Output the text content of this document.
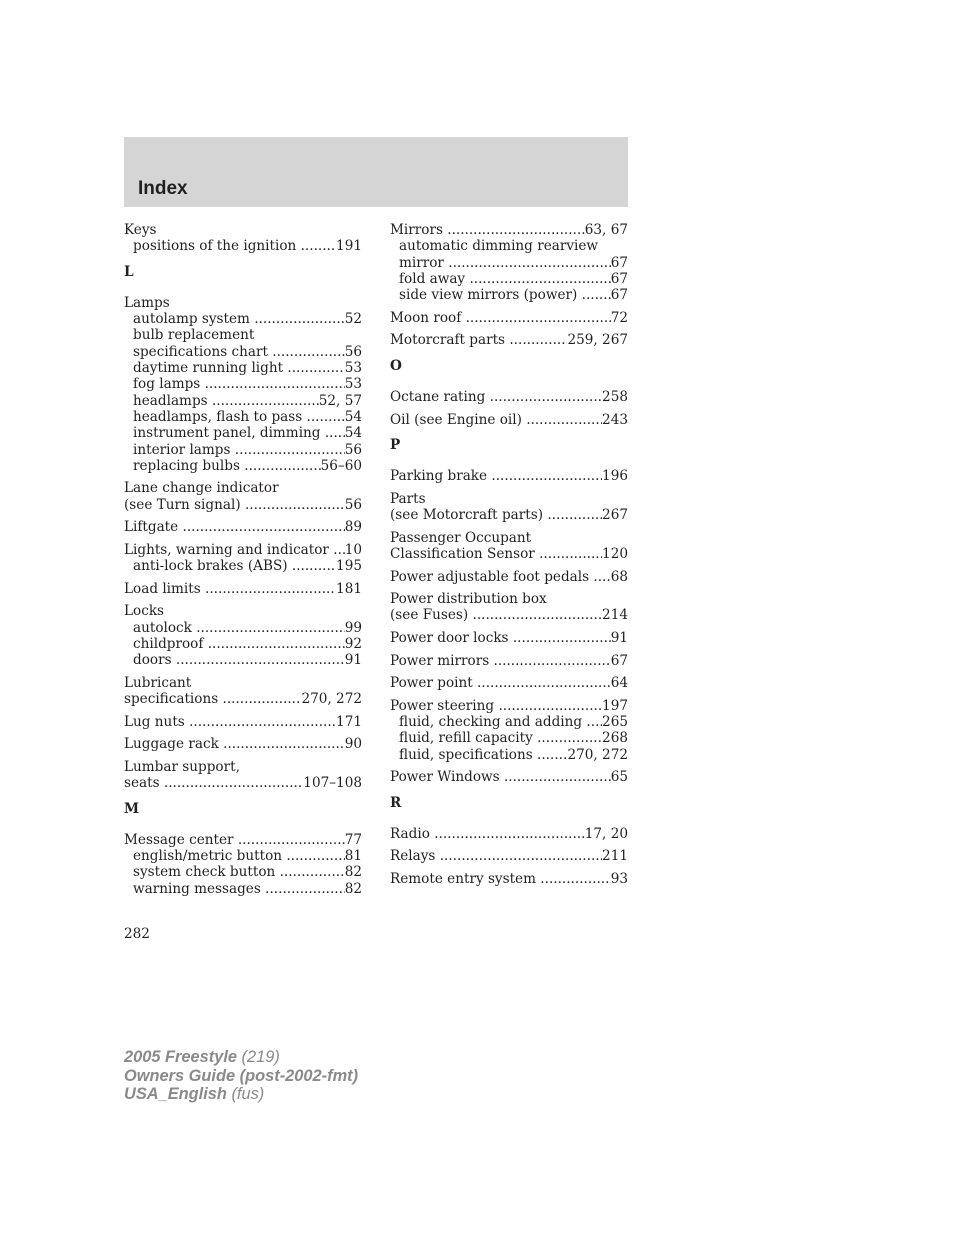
Index
Keys
positions of the ignition .....	191
L
Lamps
autolamp system .....	52
bulb replacement
specifications chart .....	56
daytime running light .....	53
fog lamps .....	53
headlamps .....	52, 57
headlamps, flash to pass .....	54
instrument panel, dimming ..... 54
interior lamps .....	56
replacing bulbs .....	56–60
Lane change indicator
(see Turn signal) .....	56
Liftgate .....	89
Lights, warning and indicator ..... 10
anti-lock brakes (ABS) .....	195
Load limits .....	181
Locks
autolock .....	99
childproof .....	92
doors .....	91
Lubricant
specifications .....	270, 272
Lug nuts .....	171
Luggage rack .....	90
Lumbar support,
seats .....	107–108
M
Message center .....	77
english/metric button .....	81
system check button .....	82
warning messages .....	82
Mirrors .....	63, 67
automatic dimming rearview
mirror .....	67
fold away .....	67
side view mirrors (power) ..... 67
Moon roof .....	72
Motorcraft parts .....	259, 267
O
Octane rating .....	258
Oil (see Engine oil) .....	243
P
Parking brake .....	196
Parts
(see Motorcraft parts) .....	267
Passenger Occupant
Classification Sensor .....	120
Power adjustable foot pedals ..... 68
Power distribution box
(see Fuses) .....	214
Power door locks .....	91
Power mirrors .....	67
Power point .....	64
Power steering .....	197
fluid, checking and adding ..... 265
fluid, refill capacity .....	268
fluid, specifications .....	270, 272
Power Windows .....	65
R
Radio .....	17, 20
Relays .....	211
Remote entry system .....	93
282
2005 Freestyle (219)
Owners Guide (post-2002-fmt)
USA_English (fus)
